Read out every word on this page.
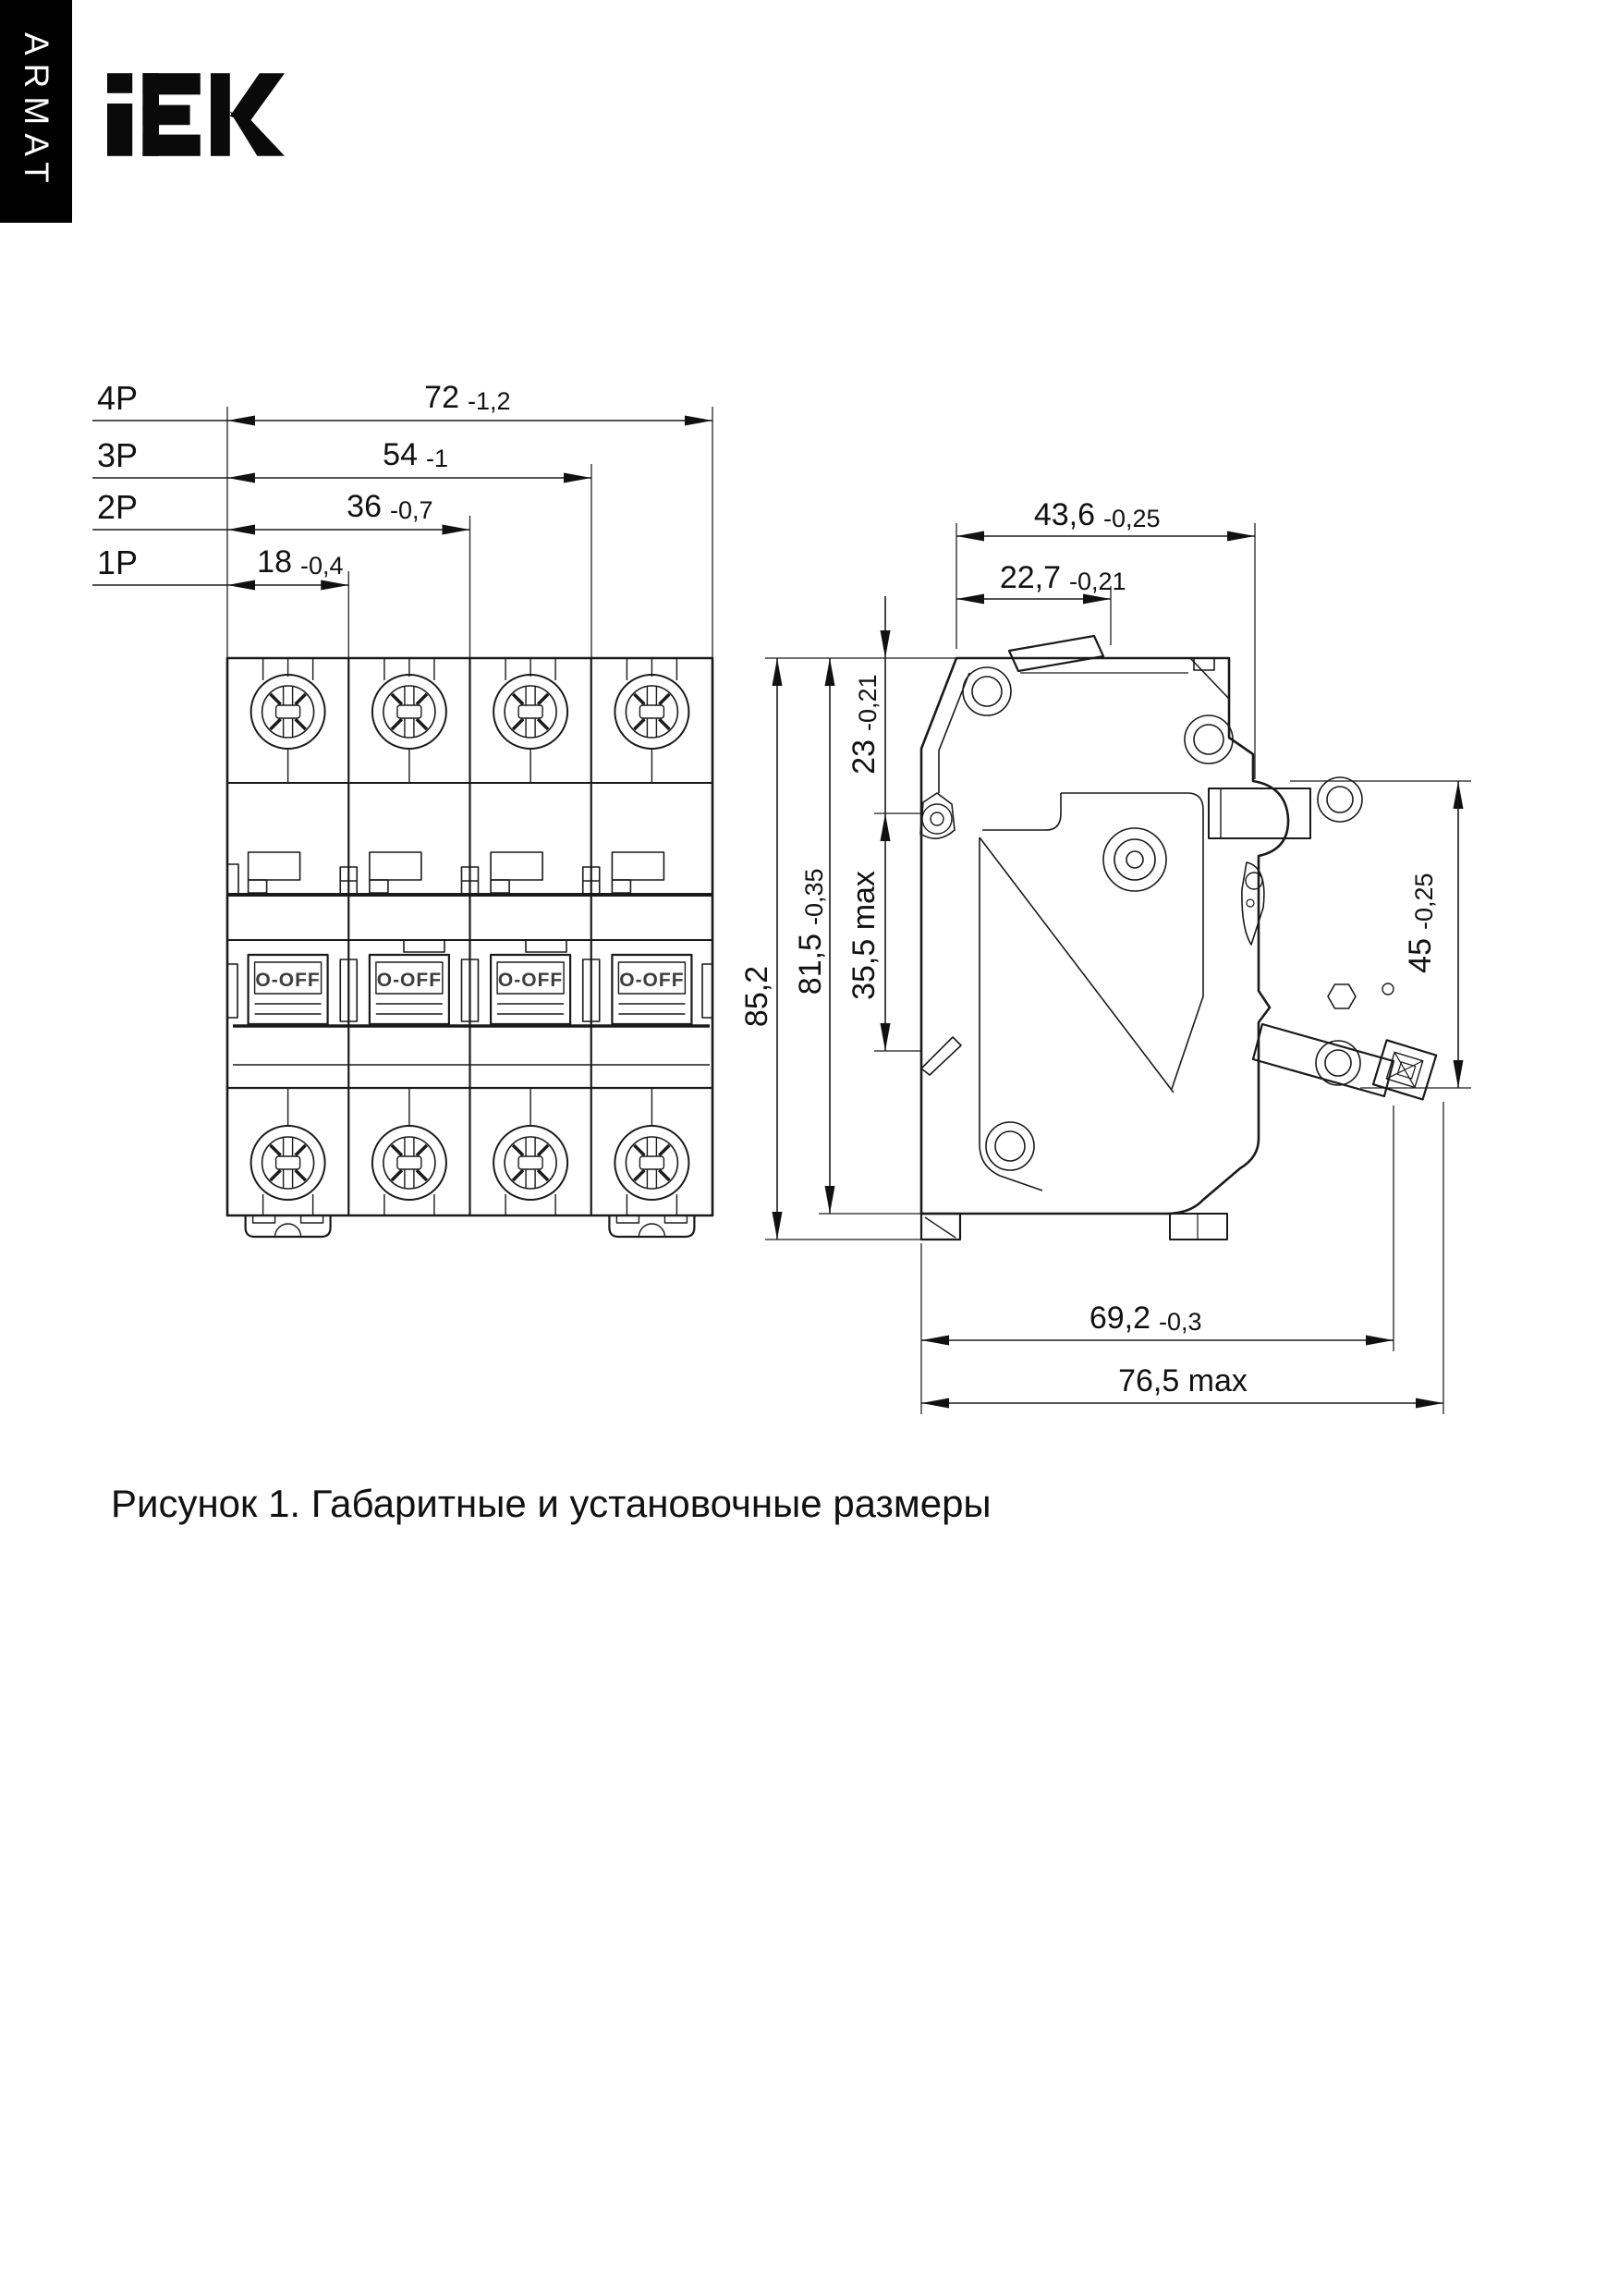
ARMAT
4P	72 -1,2
3P	54 -1
2P	36 -0,7
1P	18 -0,4
O-OFF	O-OFF	O-OFF	O-OFF
43,6 -0,25
22,7 -0,21
85,2
81,5
-0,35
23
-0,21
35,5 max	45
-0,25
69,2 -0,3
76,5 max
Рисунок 1. Габаритные и установочные размеры
